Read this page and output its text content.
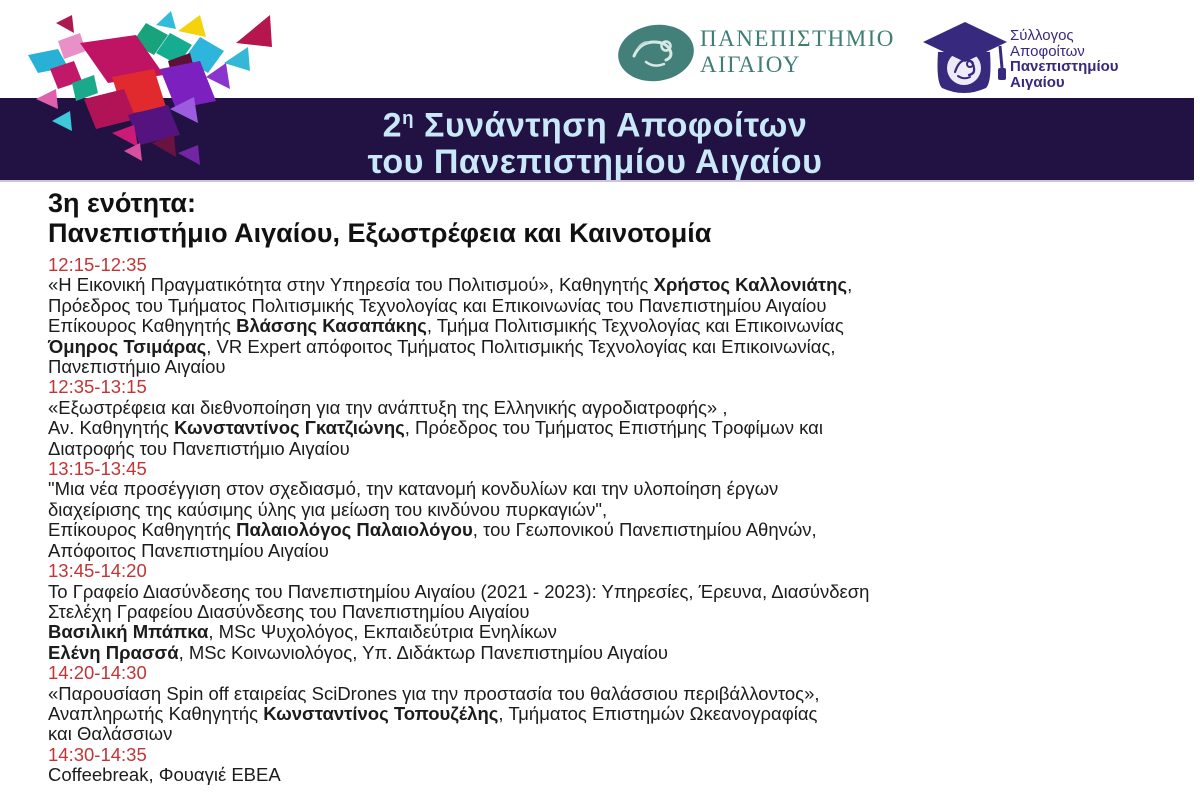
$2^\eta$ Συνάντηση Αποφοίτων
του Πανεπιστημίου Αιγαίου
ΠΑΝΕΠΙΣΤΗΜΙΟ
ΑΙΓΑΙΟΥ
Σύλλογος
Αποφοίτων
Πανεπιστημίου
Αιγαίου
3η ενότητα:
Πανεπιστήμιο Αιγαίου, Εξωστρέφεια και Καινοτομία
12:15-12:35
«Η Εικονική Πραγματικότητα στην Υπηρεσία του Πολιτισμού», Καθηγητής Χρήστος Καλλονιάτης,
Πρόεδρος του Τμήματος Πολιτισμικής Τεχνολογίας και Επικοινωνίας του Πανεπιστημίου Αιγαίου
Επίκουρος Καθηγητής Βλάσσης Κασαπάκης, Τμήμα Πολιτισμικής Τεχνολογίας και Επικοινωνίας
Όμηρος Τσιμάρας, VR Expert απόφοιτος Τμήματος Πολιτισμικής Τεχνολογίας και Επικοινωνίας,
Πανεπιστήμιο Αιγαίου
12:35-13:15
«Εξωστρέφεια και διεθνοποίηση για την ανάπτυξη της Ελληνικής αγροδιατροφής» ,
Αν. Καθηγητής Κωνσταντίνος Γκατζιώνης, Πρόεδρος του Τμήματος Επιστήμης Τροφίμων και
Διατροφής του Πανεπιστήμιο Αιγαίου
13:15-13:45
"Μια νέα προσέγγιση στον σχεδιασμό, την κατανομή κονδυλίων και την υλοποίηση έργων
διαχείρισης της καύσιμης ύλης για μείωση του κινδύνου πυρκαγιών",
Επίκουρος Καθηγητής Παλαιολόγος Παλαιολόγου, του Γεωπονικού Πανεπιστημίου Αθηνών,
Απόφοιτος Πανεπιστημίου Αιγαίου
13:45-14:20
Το Γραφείο Διασύνδεσης του Πανεπιστημίου Αιγαίου (2021 - 2023): Υπηρεσίες, Έρευνα, Διασύνδεση
Στελέχη Γραφείου Διασύνδεσης του Πανεπιστημίου Αιγαίου
Βασιλική Μπάπκα, MSc Ψυχολόγος, Εκπαιδεύτρια Ενηλίκων
Ελένη Πρασσά, MSc Κοινωνιολόγος, Υπ. Διδάκτωρ Πανεπιστημίου Αιγαίου
14:20-14:30
«Παρουσίαση Spin off εταιρείας SciDrones για την προστασία του θαλάσσιου περιβάλλοντος»,
Αναπληρωτής Καθηγητής Κωνσταντίνος Τοπουζέλης, Τμήματος Επιστημών Ωκεανογραφίας
και Θαλάσσιων
14:30-14:35
Coffeebreak, Φουαγιέ ΕΒΕΑ
